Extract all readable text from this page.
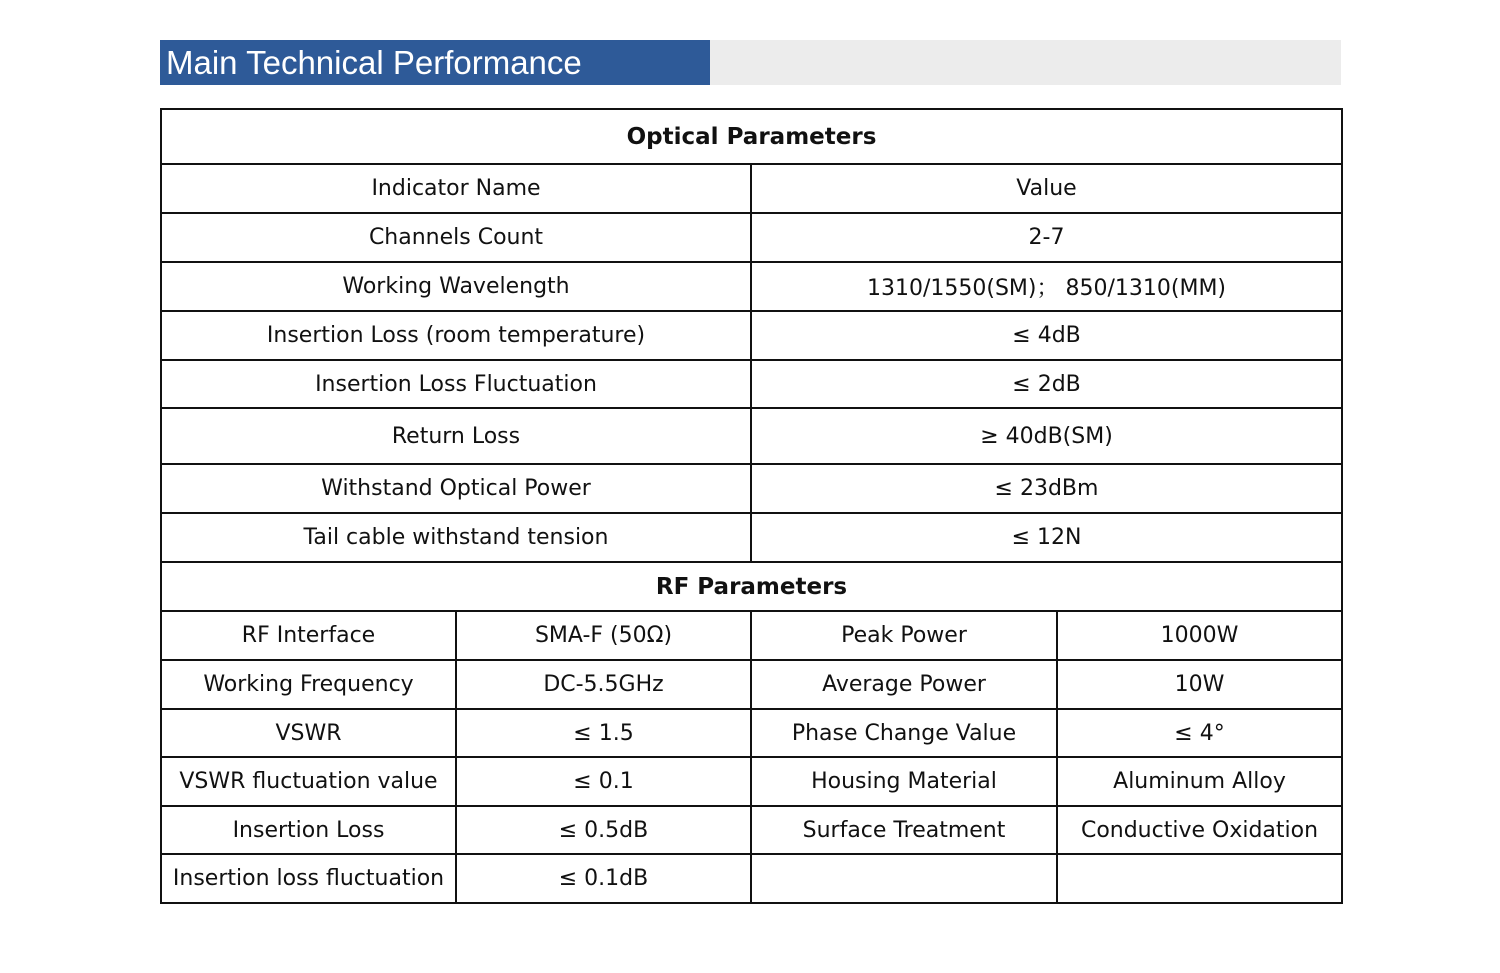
Main Technical Performance
Optical Parameters			
Indicator Name		Value	
Channels Count		2-7	
Working Wavelength		1310/1550(SM)； 850/1310(MM)	
Insertion Loss (room temperature)		≤ 4dB	
Insertion Loss Fluctuation		≤ 2dB	
Return Loss		≥ 40dB(SM)	
Withstand Optical Power		≤ 23dBm	
Tail cable withstand tension		≤ 12N	
RF Parameters			
RF Interface	SMA-F (50Ω)	Peak Power	1000W
Working Frequency	DC-5.5GHz	Average Power	10W
VSWR	≤ 1.5	Phase Change Value	≤ 4°
VSWR fluctuation value	≤ 0.1	Housing Material	Aluminum Alloy
Insertion Loss	≤ 0.5dB	Surface Treatment	Conductive Oxidation
Insertion loss fluctuation	≤ 0.1dB		
